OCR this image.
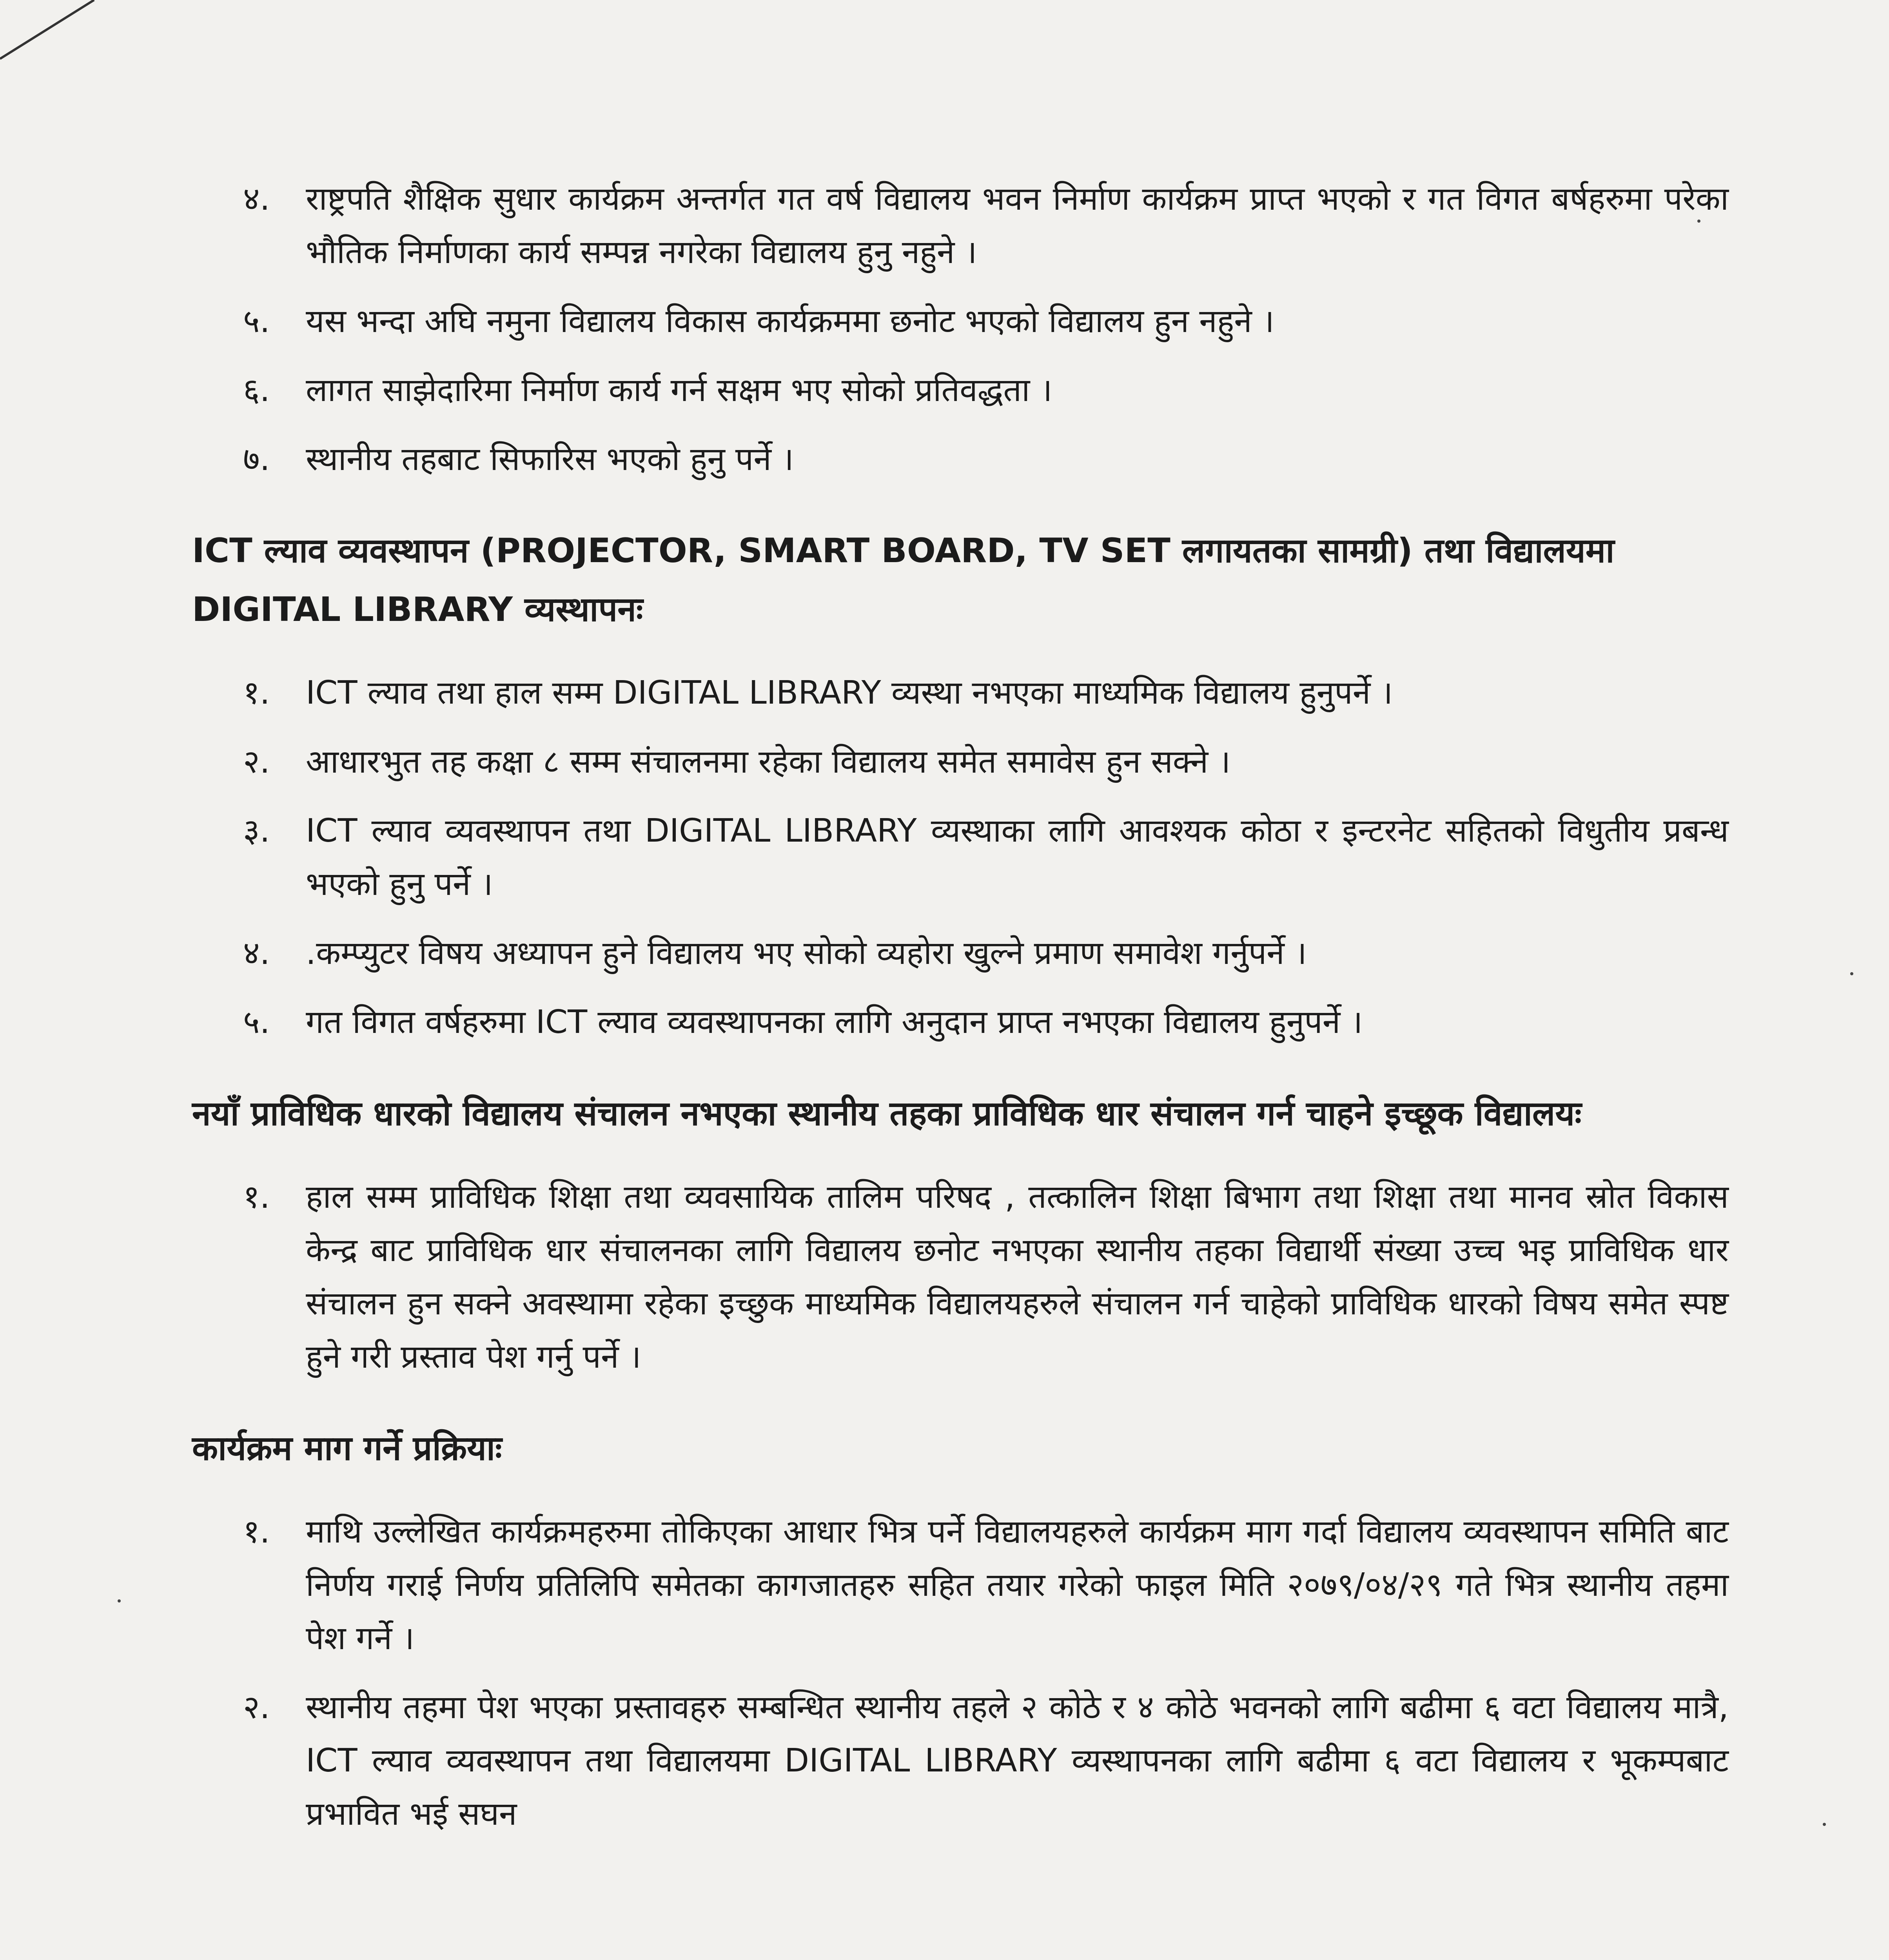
४.	राष्ट्रपति शैक्षिक सुधार कार्यक्रम अन्तर्गत गत वर्ष विद्यालय भवन निर्माण कार्यक्रम प्राप्त भएको र गत विगत बर्षहरुमा परेका भौतिक निर्माणका कार्य सम्पन्न नगरेका विद्यालय हुनु नहुने ।
५.	यस भन्दा अघि नमुना विद्यालय विकास कार्यक्रममा छनोट भएको विद्यालय हुन नहुने ।
६.	लागत साझेदारिमा निर्माण कार्य गर्न सक्षम भए सोको प्रतिवद्धता ।
७.	स्थानीय तहबाट सिफारिस भएको हुनु पर्ने ।
ICT ल्याव व्यवस्थापन (PROJECTOR, SMART BOARD, TV SET लगायतका सामग्री) तथा विद्यालयमा DIGITAL LIBRARY व्यस्थापनः
१.	ICT ल्याव तथा हाल सम्म DIGITAL LIBRARY व्यस्था नभएका माध्यमिक विद्यालय हुनुपर्ने ।
२.	आधारभुत तह कक्षा ८ सम्म संचालनमा रहेका विद्यालय समेत समावेस हुन सक्ने ।
३.	ICT ल्याव व्यवस्थापन तथा DIGITAL LIBRARY व्यस्थाका लागि आवश्यक कोठा र इन्टरनेट सहितको विधुतीय प्रबन्ध भएको हुनु पर्ने ।
४.	.कम्प्युटर विषय अध्यापन हुने विद्यालय भए सोको व्यहोरा खुल्ने प्रमाण समावेश गर्नुपर्ने ।
५.	गत विगत वर्षहरुमा ICT ल्याव व्यवस्थापनका लागि अनुदान प्राप्त नभएका विद्यालय हुनुपर्ने ।
नयाँ प्राविधिक धारको विद्यालय संचालन नभएका स्थानीय तहका प्राविधिक धार संचालन गर्न चाहने इच्छूक विद्यालयः
१.	हाल सम्म प्राविधिक शिक्षा तथा व्यवसायिक तालिम परिषद , तत्कालिन शिक्षा बिभाग तथा शिक्षा तथा मानव स्रोत विकास केन्द्र बाट प्राविधिक धार संचालनका लागि विद्यालय छनोट नभएका स्थानीय तहका विद्यार्थी संख्या उच्च भइ प्राविधिक धार संचालन हुन सक्ने अवस्थामा रहेका इच्छुक माध्यमिक विद्यालयहरुले संचालन गर्न चाहेको प्राविधिक धारको विषय समेत स्पष्ट हुने गरी प्रस्ताव पेश गर्नु पर्ने ।
कार्यक्रम माग गर्ने प्रक्रियाः
१.	माथि उल्लेखित कार्यक्रमहरुमा तोकिएका आधार भित्र पर्ने विद्यालयहरुले कार्यक्रम माग गर्दा विद्यालय व्यवस्थापन समिति बाट निर्णय गराई निर्णय प्रतिलिपि समेतका कागजातहरु सहित तयार गरेको फाइल मिति २०७९/०४/२९ गते भित्र स्थानीय तहमा पेश गर्ने ।
२.	स्थानीय तहमा पेश भएका प्रस्तावहरु सम्बन्धित स्थानीय तहले २ कोठे र ४ कोठे भवनको लागि बढीमा ६ वटा विद्यालय मात्रै, ICT ल्याव व्यवस्थापन तथा विद्यालयमा DIGITAL LIBRARY व्यस्थापनका लागि बढीमा ६ वटा विद्यालय र भूकम्पबाट प्रभावित भई सघन
